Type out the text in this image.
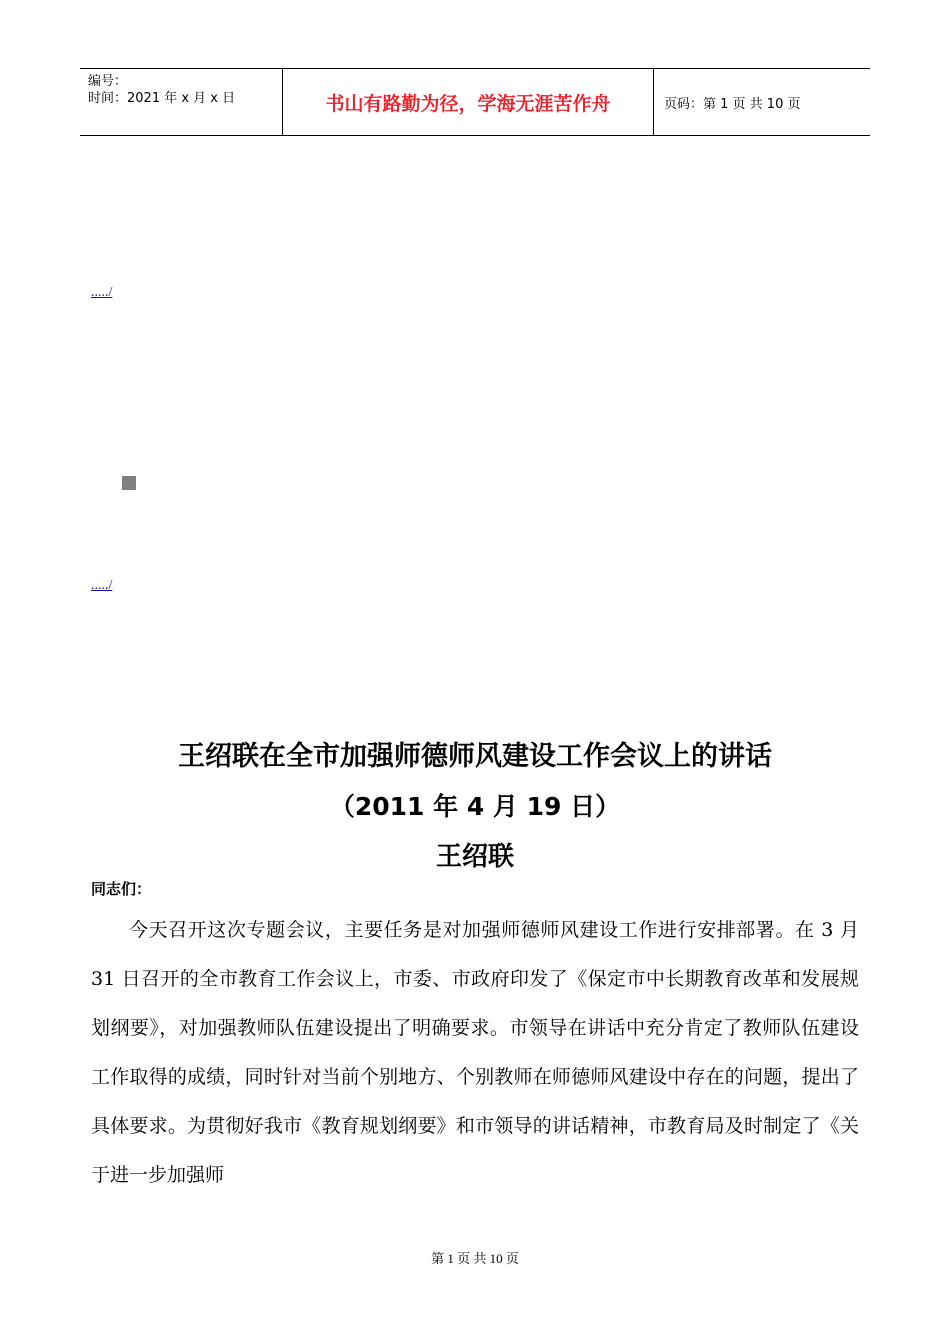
编号：
时间：2021 年 x 月 x 日	书山有路勤为径，学海无涯苦作舟	页码：第 1 页 共 10 页
...../
...../
王绍联在全市加强师德师风建设工作会议上的讲话
（2011 年 4 月 19 日）
王绍联
同志们：
今天召开这次专题会议，主要任务是对加强师德师风建设工作进行安排部署。在 3 月 31 日召开的全市教育工作会议上，市委、市政府印发了《保定市中长期教育改革和发展规划纲要》，对加强教师队伍建设提出了明确要求。市领导在讲话中充分肯定了教师队伍建设工作取得的成绩，同时针对当前个别地方、个别教师在师德师风建设中存在的问题，提出了具体要求。为贯彻好我市《教育规划纲要》和市领导的讲话精神，市教育局及时制定了《关于进一步加强师
第 1 页 共 10 页
